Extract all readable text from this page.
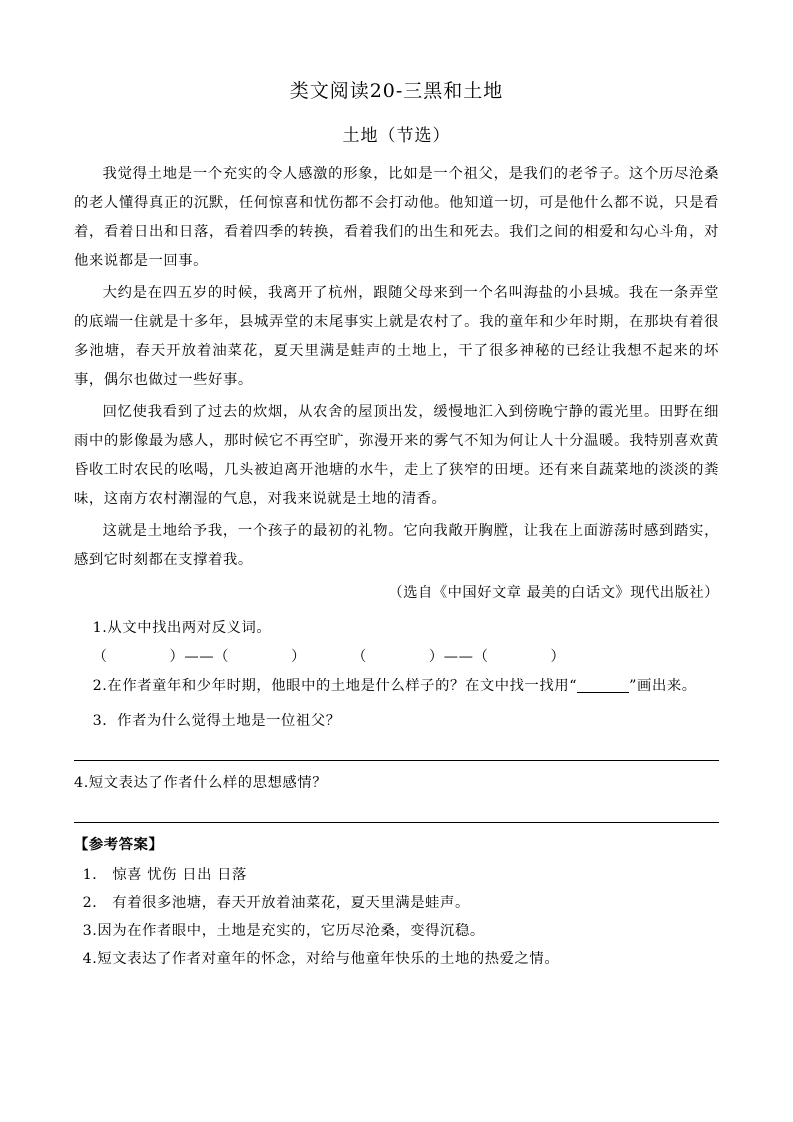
类文阅读20-三黑和土地
土地（节选）

我觉得土地是一个充实的令人感激的形象，比如是一个祖父，是我们的老爷子。这个历尽沧桑的老人懂得真正的沉默，任何惊喜和忧伤都不会打动他。他知道一切，可是他什么都不说，只是看着，看着日出和日落，看着四季的转换，看着我们的出生和死去。我们之间的相爱和勾心斗角，对他来说都是一回事。

大约是在四五岁的时候，我离开了杭州，跟随父母来到一个名叫海盐的小县城。我在一条弄堂的底端一住就是十多年，县城弄堂的末尾事实上就是农村了。我的童年和少年时期，在那块有着很多池塘，春天开放着油菜花，夏天里满是蛙声的土地上，干了很多神秘的已经让我想不起来的坏事，偶尔也做过一些好事。

回忆使我看到了过去的炊烟，从农舍的屋顶出发，缓慢地汇入到傍晚宁静的霞光里。田野在细雨中的影像最为感人，那时候它不再空旷，弥漫开来的雾气不知为何让人十分温暖。我特别喜欢黄昏收工时农民的吆喝，几头被迫离开池塘的水牛，走上了狭窄的田埂。还有来自蔬菜地的淡淡的粪味，这南方农村潮湿的气息，对我来说就是土地的清香。

这就是土地给予我，一个孩子的最初的礼物。它向我敞开胸膛，让我在上面游荡时感到踏实，感到它时刻都在支撑着我。

（选自《中国好文章 最美的白话文》现代出版社）

1.从文中找出两对反义词。

（	）——（	）	（	）——（	）

2.在作者童年和少年时期，他眼中的土地是什么样子的？在文中找一找用“	”画出来。

3．作者为什么觉得土地是一位祖父？

4.短文表达了作者什么样的思想感情？

【参考答案】

1． 惊喜 忧伤 日出 日落

2． 有着很多池塘，春天开放着油菜花，夏天里满是蛙声。

3.因为在作者眼中，土地是充实的，它历尽沧桑，变得沉稳。

4.短文表达了作者对童年的怀念，对给与他童年快乐的土地的热爱之情。
